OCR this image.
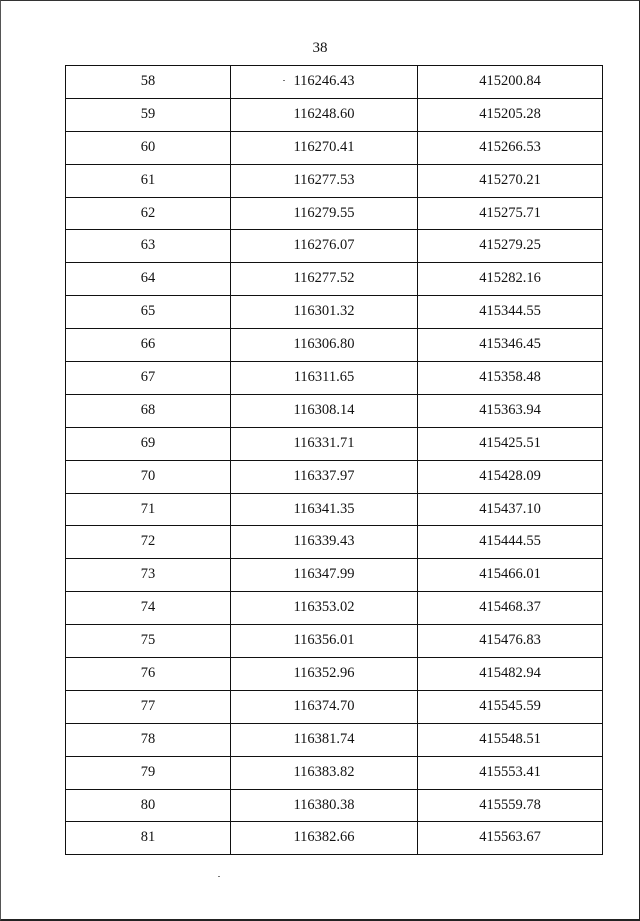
38
58	116246.43	415200.84
59	116248.60	415205.28
60	116270.41	415266.53
61	116277.53	415270.21
62	116279.55	415275.71
63	116276.07	415279.25
64	116277.52	415282.16
65	116301.32	415344.55
66	116306.80	415346.45
67	116311.65	415358.48
68	116308.14	415363.94
69	116331.71	415425.51
70	116337.97	415428.09
71	116341.35	415437.10
72	116339.43	415444.55
73	116347.99	415466.01
74	116353.02	415468.37
75	116356.01	415476.83
76	116352.96	415482.94
77	116374.70	415545.59
78	116381.74	415548.51
79	116383.82	415553.41
80	116380.38	415559.78
81	116382.66	415563.67
